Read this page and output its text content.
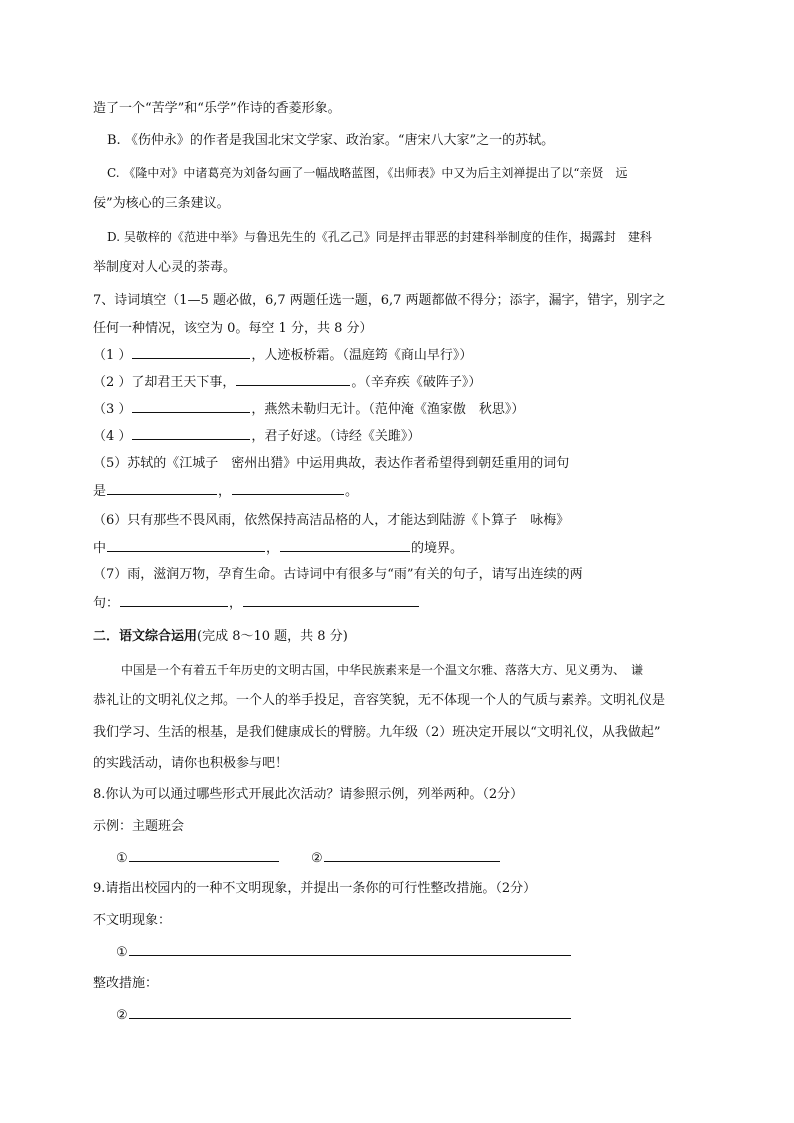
造了一个“苦学”和“乐学”作诗的香菱形象。
B. 《伤仲永》的作者是我国北宋文学家、政治家。“唐宋八大家”之一的苏轼。
C. 《隆中对》中诸葛亮为刘备勾画了一幅战略蓝图，《出师表》中又为后主刘禅提出了以“亲贤　远
佞”为核心的三条建议。
D. 吴敬梓的《范进中举》与鲁迅先生的《孔乙己》同是抨击罪恶的封建科举制度的佳作，揭露封　建科
举制度对人心灵的荼毒。
7、诗词填空（1—5 题必做，6,7 两题任选一题，6,7 两题都做不得分；添字，漏字，错字，别字之
任何一种情况，该空为 0。每空 1 分，共 8 分）
（1 ）	，人迹板桥霜。（温庭筠《商山早行》）
（2 ）了却君王天下事，	。（辛弃疾《破阵子》）
（3 ）	，燕然未勒归无计。（范仲淹《渔家傲　秋思》）
（4 ）	，君子好逑。（诗经《关雎》）
（5）苏轼的《江城子　密州出猎》中运用典故，表达作者希望得到朝廷重用的词句
是	，	。
（6）只有那些不畏风雨，依然保持高洁品格的人，才能达到陆游《卜算子　咏梅》
中	，	的境界。
（7）雨，滋润万物，孕育生命。古诗词中有很多与“雨”有关的句子，请写出连续的两
句：	，
二．语文综合运用(完成 8～10 题，共 8 分)
中国是一个有着五千年历史的文明古国，中华民族素来是一个温文尔雅、落落大方、见义勇为、　谦
恭礼让的文明礼仪之邦。一个人的举手投足，音容笑貌，无不体现一个人的气质与素养。文明礼仪是
我们学习、生活的根基，是我们健康成长的臂膀。九年级（2）班决定开展以“文明礼仪，从我做起”
的实践活动，请你也积极参与吧！
8.你认为可以通过哪些形式开展此次活动？请参照示例，列举两种。（2分）
示例：主题班会
①	②
9.请指出校园内的一种不文明现象，并提出一条你的可行性整改措施。（2分）
不文明现象：
①
整改措施：
②
